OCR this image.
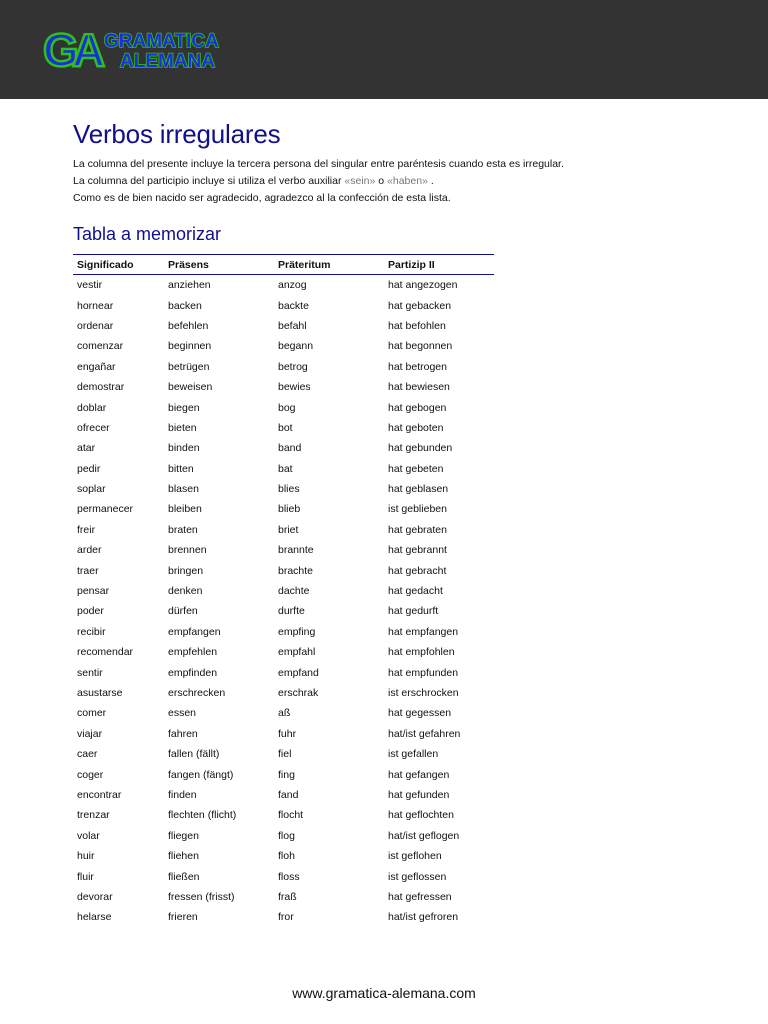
G
A
GRAMATICA
ALEMANA
Verbos irregulares
La columna del presente incluye la tercera persona del singular entre paréntesis cuando esta es irregular.
La columna del participio incluye si utiliza el verbo auxiliar «sein» o «haben» .
Como es de bien nacido ser agradecido, agradezco al la confección de esta lista.
Tabla a memorizar
Significado	Präsens	Präteritum	Partizip II
vestir	anziehen	anzog	hat angezogen
hornear	backen	backte	hat gebacken
ordenar	befehlen	befahl	hat befohlen
comenzar	beginnen	begann	hat begonnen
engañar	betrügen	betrog	hat betrogen
demostrar	beweisen	bewies	hat bewiesen
doblar	biegen	bog	hat gebogen
ofrecer	bieten	bot	hat geboten
atar	binden	band	hat gebunden
pedir	bitten	bat	hat gebeten
soplar	blasen	blies	hat geblasen
permanecer	bleiben	blieb	ist geblieben
freir	braten	briet	hat gebraten
arder	brennen	brannte	hat gebrannt
traer	bringen	brachte	hat gebracht
pensar	denken	dachte	hat gedacht
poder	dürfen	durfte	hat gedurft
recibir	empfangen	empfing	hat empfangen
recomendar	empfehlen	empfahl	hat empfohlen
sentir	empfinden	empfand	hat empfunden
asustarse	erschrecken	erschrak	ist erschrocken
comer	essen	aß	hat gegessen
viajar	fahren	fuhr	hat/ist gefahren
caer	fallen (fällt)	fiel	ist gefallen
coger	fangen (fängt)	fing	hat gefangen
encontrar	finden	fand	hat gefunden
trenzar	flechten (flicht)	flocht	hat geflochten
volar	fliegen	flog	hat/ist geflogen
huir	fliehen	floh	ist geflohen
fluir	fließen	floss	ist geflossen
devorar	fressen (frisst)	fraß	hat gefressen
helarse	frieren	fror	hat/ist gefroren
www.gramatica-alemana.com
